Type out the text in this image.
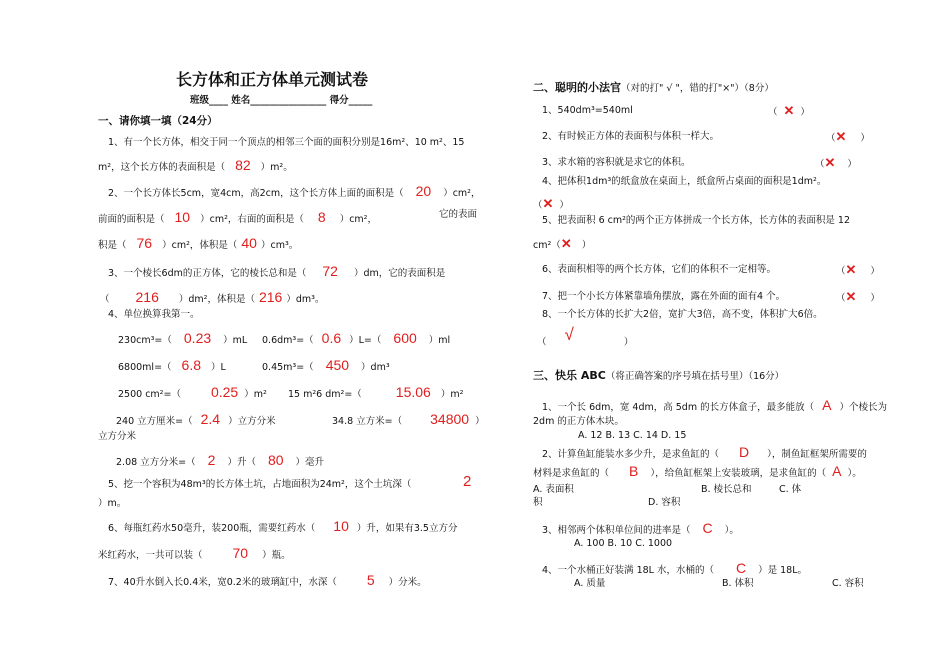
长方体和正方体单元测试卷
班级____ 姓名________________ 得分_____
一、请你填一填（24分）
1、有一个长方体，相交于同一个顶点的相邻三个面的面积分别是16m²、10 m²、15
m²，这个长方体的表面积是（ 82 ）m²。
2、一个长方体长5cm，宽4cm，高2cm，这个长方体上面的面积是（ 20 ）cm²，
前面的面积是（ 10 ）cm²，右面的面积是（ 8 ）cm²，	它的表面
积是（ 76 ）cm²，体积是（ 40 ）cm³。
3、一个棱长6dm的正方体，它的棱长总和是（ 72 ）dm，它的表面积是
（ 216 ）dm²，体积是（ 216 ）dm³。
4、单位换算我第一。
230cm³=（ 0.23 ）mL 0.6dm³=（ 0.6 ）L=（ 600 ）ml
6800ml=（ 6.8 ）L	0.45m³=（ 450 ）dm³
2500 cm²=（ 0.25 ）m² 15 m²6 dm²=（ 15.06 ）m²
240 立方厘米=（ 2.4 ）立方分米	34.8 立方米=（ 34800 ）
立方分米
2.08 立方分米=（ 2 ）升（ 80 ）毫升
5、挖一个容积为48m³的长方体土坑，占地面积为24m²，这个土坑深（	2
）m。
6、每瓶红药水50毫升，装200瓶，需要红药水（ 10 ）升，如果有3.5立方分
米红药水，一共可以装（ 70 ）瓶。
7、40升水倒入长0.4米，宽0.2米的玻璃缸中，水深（ 5 ）分米。
二、聪明的小法官（对的打" √ "，错的打"×"）（8分）
1、540dm³=540ml	（ ✕ ）
2、有时候正方体的表面积与体积一样大。	（✕ ）
3、求水箱的容积就是求它的体积。	（✕ ）
4、把体积1dm³的纸盒放在桌面上，纸盒所占桌面的面积是1dm²。
（✕ ）
5、把表面积 6 cm²的两个正方体拼成一个长方体，长方体的表面积是 12
cm²（✕ ）
6、表面积相等的两个长方体，它们的体积不一定相等。	（✕ ）
7、把一个小长方体紧靠墙角摆放，露在外面的面有4 个。	（✕ ）
8、一个长方体的长扩大2倍，宽扩大3倍，高不变，体积扩大6倍。
（ √	）
三、快乐 ABC（将正确答案的序号填在括号里）（16分）
1、一个长 6dm，宽 4dm，高 5dm 的长方体盒子，最多能放（ A ）个棱长为
2dm 的正方体木块。
A. 12 B. 13 C. 14 D. 15
2、计算鱼缸能装水多少升，是求鱼缸的（ D ），制鱼缸框架所需要的
材料是求鱼缸的（ B ），给鱼缸框架上安装玻璃，是求鱼缸的（ A ）。
A. 表面积	B. 棱长总和	C. 体
积	D. 容积
3、相邻两个体积单位间的进率是（ C ）。
A. 100 B. 10 C. 1000
4、一个水桶正好装满 18L 水，水桶的（ C ）是 18L。
A. 质量	B. 体积	C. 容积
